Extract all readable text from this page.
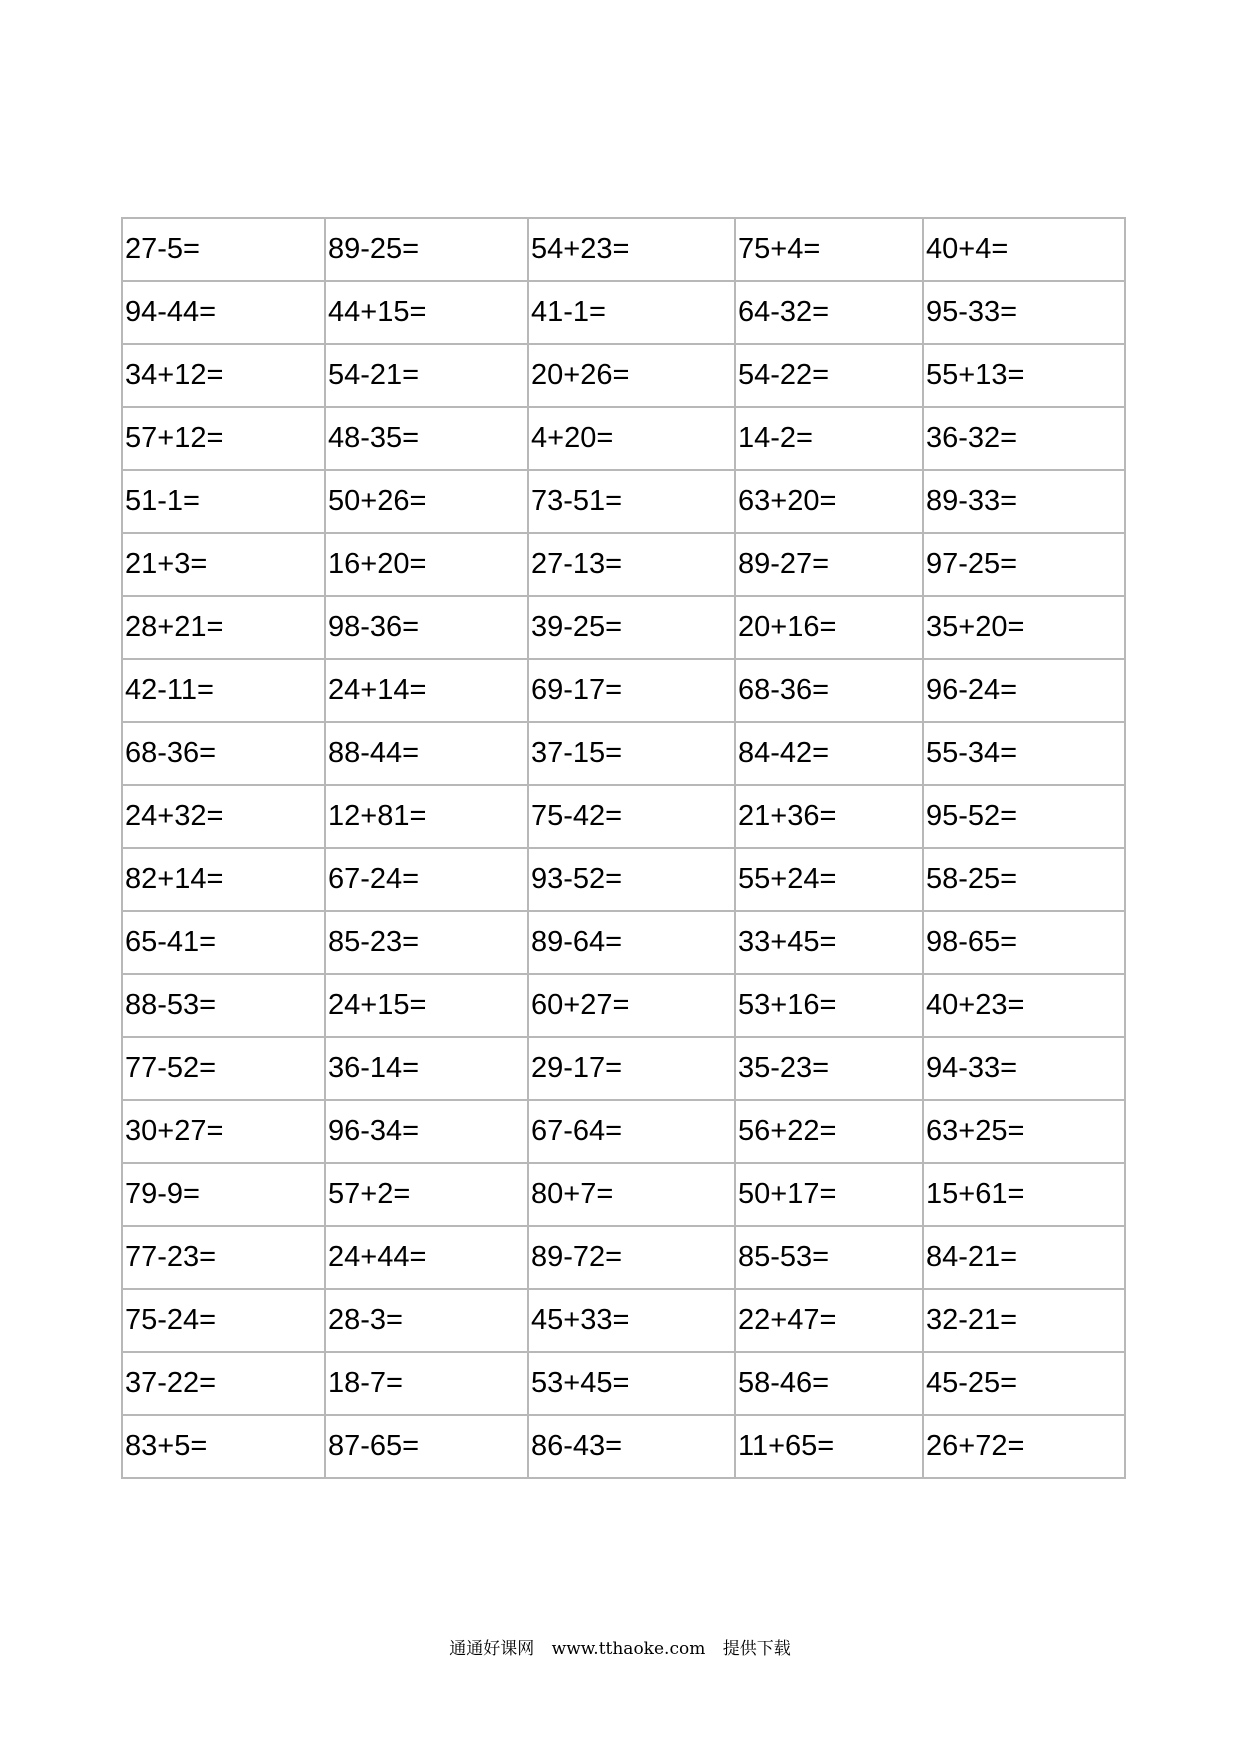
27-5=	89-25=	54+23=	75+4=	40+4=
94-44=	44+15=	41-1=	64-32=	95-33=
34+12=	54-21=	20+26=	54-22=	55+13=
57+12=	48-35=	4+20=	14-2=	36-32=
51-1=	50+26=	73-51=	63+20=	89-33=
21+3=	16+20=	27-13=	89-27=	97-25=
28+21=	98-36=	39-25=	20+16=	35+20=
42-11=	24+14=	69-17=	68-36=	96-24=
68-36=	88-44=	37-15=	84-42=	55-34=
24+32=	12+81=	75-42=	21+36=	95-52=
82+14=	67-24=	93-52=	55+24=	58-25=
65-41=	85-23=	89-64=	33+45=	98-65=
88-53=	24+15=	60+27=	53+16=	40+23=
77-52=	36-14=	29-17=	35-23=	94-33=
30+27=	96-34=	67-64=	56+22=	63+25=
79-9=	57+2=	80+7=	50+17=	15+61=
77-23=	24+44=	89-72=	85-53=	84-21=
75-24=	28-3=	45+33=	22+47=	32-21=
37-22=	18-7=	53+45=	58-46=	45-25=
83+5=	87-65=	86-43=	11+65=	26+72=
通通好课网 www.tthaoke.com 提供下载
